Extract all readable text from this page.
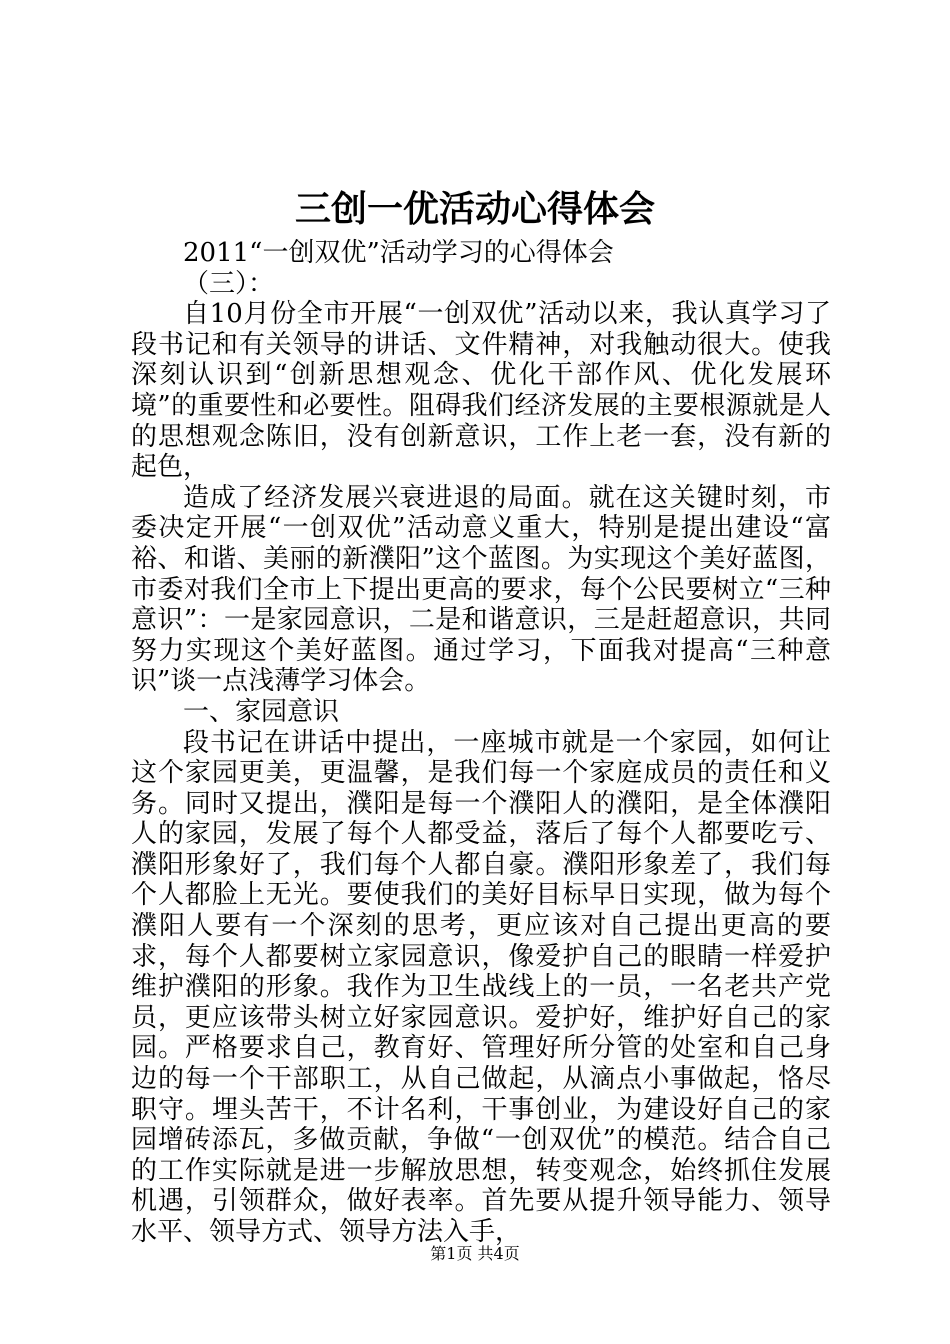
三创一优活动心得体会

2011“一创双优”活动学习的心得体会

（三）：

自10月份全市开展“一创双优”活动以来，我认真学习了段书记和有关领导的讲话、文件精神，对我触动很大。使我深刻认识到“创新思想观念、优化干部作风、优化发展环境”的重要性和必要性。阻碍我们经济发展的主要根源就是人的思想观念陈旧，没有创新意识，工作上老一套，没有新的起色，

造成了经济发展兴衰进退的局面。就在这关键时刻，市委决定开展“一创双优”活动意义重大，特别是提出建设“富裕、和谐、美丽的新濮阳”这个蓝图。为实现这个美好蓝图，市委对我们全市上下提出更高的要求，每个公民要树立“三种意识”：一是家园意识，二是和谐意识，三是赶超意识，共同努力实现这个美好蓝图。通过学习，下面我对提高“三种意识”谈一点浅薄学习体会。

一、家园意识

段书记在讲话中提出，一座城市就是一个家园，如何让这个家园更美，更温馨，是我们每一个家庭成员的责任和义务。同时又提出，濮阳是每一个濮阳人的濮阳，是全体濮阳人的家园，发展了每个人都受益，落后了每个人都要吃亏、濮阳形象好了，我们每个人都自豪。濮阳形象差了，我们每个人都脸上无光。要使我们的美好目标早日实现，做为每个濮阳人要有一个深刻的思考，更应该对自己提出更高的要求，每个人都要树立家园意识，像爱护自己的眼睛一样爱护维护濮阳的形象。我作为卫生战线上的一员，一名老共产党员，更应该带头树立好家园意识。爱护好，维护好自己的家园。严格要求自己，教育好、管理好所分管的处室和自己身边的每一个干部职工，从自己做起，从滴点小事做起，恪尽职守。埋头苦干，不计名利，干事创业，为建设好自己的家园增砖添瓦，多做贡献，争做“一创双优”的模范。结合自己的工作实际就是进一步解放思想，转变观念，始终抓住发展机遇，引领群众，做好表率。首先要从提升领导能力、领导水平、领导方式、领导方法入手，

第1页 共4页
